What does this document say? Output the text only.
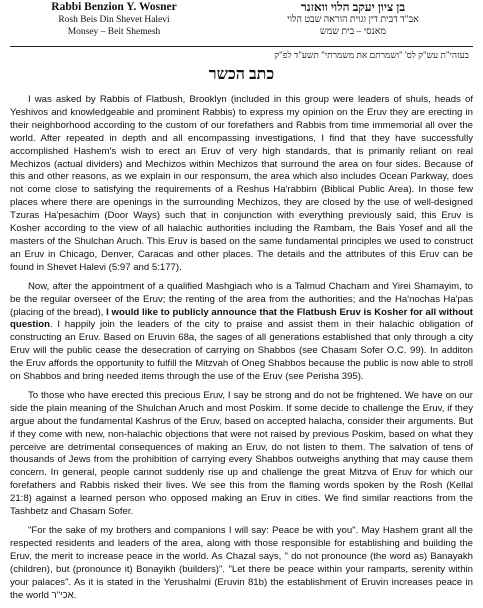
Rabbi Benzion Y. Wosner
Rosh Beis Din Shevet Halevi
Monsey – Beit Shemesh
בן ציון יעקב הלוי וואזנר
אב"ד דבית דין וגוית הוראה שבט הלוי
מאנסי – בית שמש
בעזהי"ת עש"ק לס' "ושמרתם את משמרתי" תשע"ד לפ"ק
כתב הכשר

I was asked by Rabbis of Flatbush, Brooklyn (included in this group were leaders of shuls, heads of Yeshivos and knowledgeable and prominent Rabbis) to express my opinion on the Eruv they are erecting in their neighborhood according to the custom of our forefathers and Rabbis from time immemorial all over the world. After repeated in depth and all encompassing investigations, I find that they have successfully accomplished Hashem's wish to erect an Eruv of very high standards, that is primarily reliant on real Mechizos (actual dividers) and Mechizos within Mechizos that surround the area on four sides. Because of this and other reasons, as we explain in our responsum, the area which also includes Ocean Parkway, does not come close to satisfying the requirements of a Reshus Ha'rabbim (Biblical Public Area). In those few places where there are openings in the surrounding Mechizos, they are closed by the use of well-designed Tzuras Ha'pesachim (Door Ways) such that in conjunction with everything previously said, this Eruv is Kosher according to the view of all halachic authorities including the Rambam, the Bais Yosef and all the masters of the Shulchan Aruch. This Eruv is based on the same fundamental principles we used to construct an Eruv in Chicago, Denver, Caracas and other places. The details and the attributes of this Eruv can be found in Shevet Halevi (5:97 and 5:177).

Now, after the appointment of a qualified Mashgiach who is a Talmud Chacham and Yirei Shamayim, to be the regular overseer of the Eruv; the renting of the area from the authorities; and the Ha'nochas Ha'pas (placing of the bread), I would like to publicly announce that the Flatbush Eruv is Kosher for all without question. I happily join the leaders of the city to praise and assist them in their halachic obligation of constructing an Eruv. Based on Eruvin 68a, the sages of all generations established that only through a city Eruv will the public cease the desecration of carrying on Shabbos (see Chasam Sofer O.C. 99). In additon the Eruv affords the opportunity to fulfill the Mitzvah of Oneg Shabbos because the public is now able to stroll on Shabbos and bring needed items through the use of the Eruv (see Perisha 395).

To those who have erected this precious Eruv, I say be strong and do not be frightened. We have on our side the plain meaning of the Shulchan Aruch and most Poskim. If some decide to challenge the Eruv, if they argue about the fundamental Kashrus of the Eruv, based on accepted halacha, consider their arguments. But if they come with new, non-halachic objections that were not raised by previous Poskim, based on what they perceive are detrimental consequences of making an Eruv, do not listen to them. The salvation of tens of thousands of Jews from the prohibition of carrying every Shabbos outweighs anything that may cause them concern. In general, people cannot suddenly rise up and challenge the great Mitzva of Eruv for which our forefathers and Rabbis risked their lives. We see this from the flaming words spoken by the Rosh (Kellal 21:8) against a learned person who opposed making an Eruv in cities. We find similar reactions from the Tashbetz and Chasam Sofer.

"For the sake of my brothers and companions I will say: Peace be with you". May Hashem grant all the respected residents and leaders of the area, along with those responsible for establishing and building the Eruv, the merit to increase peace in the world. As Chazal says, " do not pronounce (the word as) Banayakh (children), but (pronounce it) Bonayikh (builders)". "Let there be peace within your ramparts, serenity within your palaces". As it is stated in the Yerushalmi (Eruvin 81b) the establishment of Eruvin increases peace in the world אכי"ר.
